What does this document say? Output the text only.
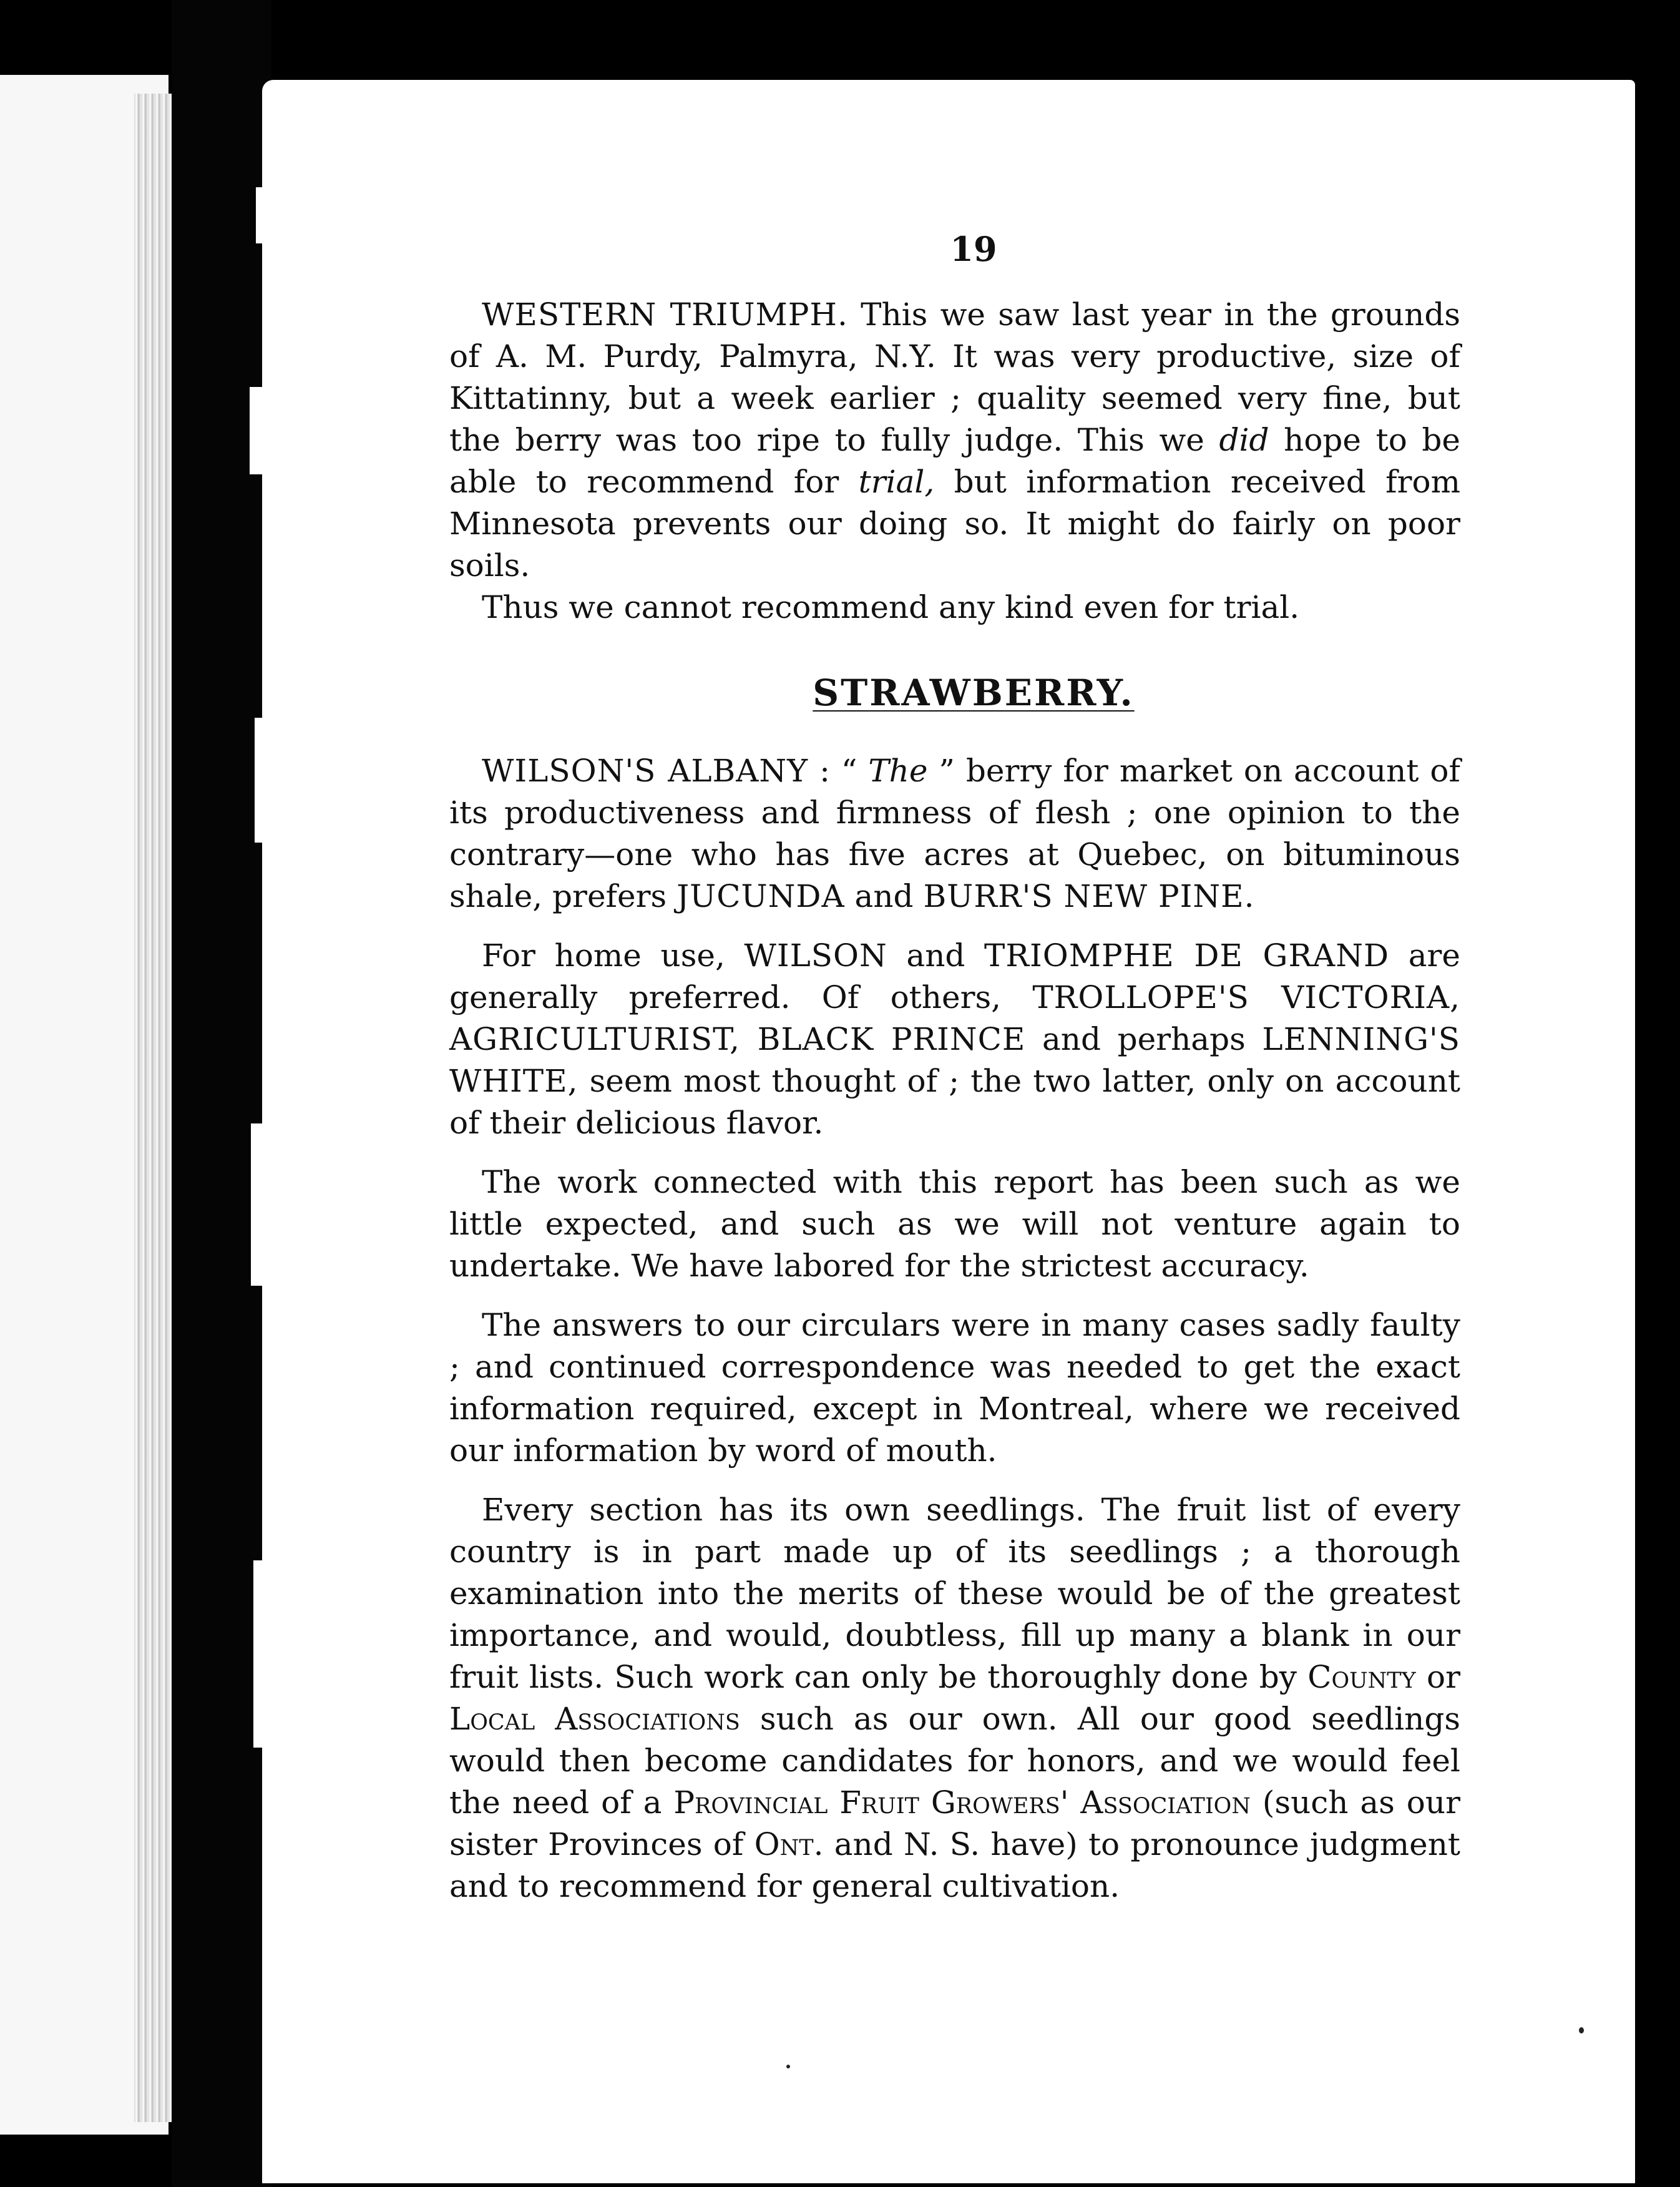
19

WESTERN TRIUMPH. This we saw last year in the grounds of A. M. Purdy, Palmyra, N.Y. It was very productive, size of Kittatinny, but a week earlier ; quality seemed very fine, but the berry was too ripe to fully judge. This we did hope to be able to recommend for trial, but information received from Minnesota prevents our doing so. It might do fairly on poor soils.

Thus we cannot recommend any kind even for trial.

STRAWBERRY.

WILSON'S ALBANY : “ The ” berry for market on account of its productiveness and firmness of flesh ; one opinion to the contrary—one who has five acres at Quebec, on bituminous shale, prefers JUCUNDA and BURR'S NEW PINE.

For home use, WILSON and TRIOMPHE DE GRAND are generally preferred. Of others, TROLLOPE'S VICTORIA, AGRICULTURIST, BLACK PRINCE and perhaps LENNING'S WHITE, seem most thought of ; the two latter, only on account of their delicious flavor.

The work connected with this report has been such as we little expected, and such as we will not venture again to undertake. We have labored for the strictest accuracy.

The answers to our circulars were in many cases sadly faulty ; and continued correspondence was needed to get the exact information required, except in Montreal, where we received our information by word of mouth.

Every section has its own seedlings. The fruit list of every country is in part made up of its seedlings ; a thorough examination into the merits of these would be of the greatest importance, and would, doubtless, fill up many a blank in our fruit lists. Such work can only be thoroughly done by County or Local Associations such as our own. All our good seedlings would then become candidates for honors, and we would feel the need of a Provincial Fruit Growers' Association (such as our sister Provinces of Ont. and N. S. have) to pronounce judgment and to recommend for general cultivation.
